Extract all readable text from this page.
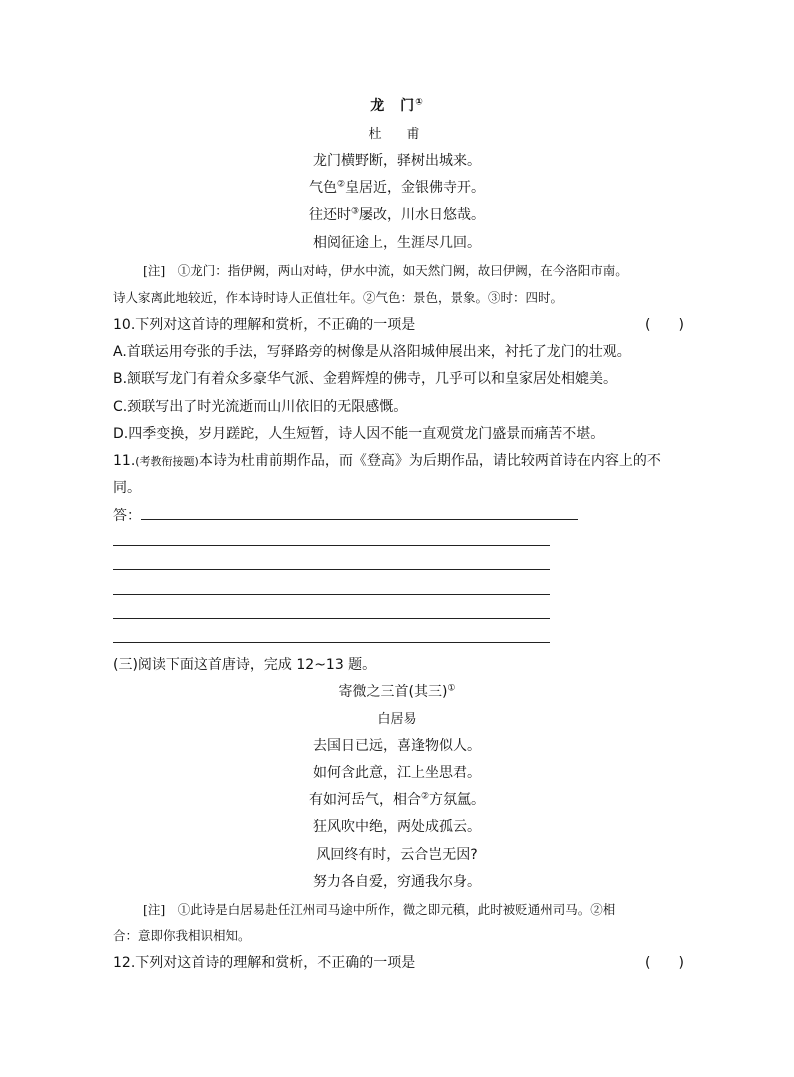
龙　门①
杜　甫
龙门横野断，驿树出城来。
气色②皇居近，金银佛寺开。
往还时③屡改，川水日悠哉。
相阅征途上，生涯尽几回。
[注]　①龙门：指伊阙，两山对峙，伊水中流，如天然门阙，故曰伊阙，在今洛阳市南。
诗人家离此地较近，作本诗时诗人正值壮年。②气色：景色，景象。③时：四时。
10.下列对这首诗的理解和赏析，不正确的一项是	(　　)
A.首联运用夸张的手法，写驿路旁的树像是从洛阳城伸展出来，衬托了龙门的壮观。
B.颔联写龙门有着众多豪华气派、金碧辉煌的佛寺，几乎可以和皇家居处相媲美。
C.颈联写出了时光流逝而山川依旧的无限感慨。
D.四季变换，岁月蹉跎，人生短暂，诗人因不能一直观赏龙门盛景而痛苦不堪。
11.(考教衔接题)本诗为杜甫前期作品，而《登高》为后期作品，请比较两首诗在内容上的不
同。
答：
(三)阅读下面这首唐诗，完成 12~13 题。
寄微之三首(其三)①
白居易
去国日已远，喜逢物似人。
如何含此意，江上坐思君。
有如河岳气，相合②方氛氲。
狂风吹中绝，两处成孤云。
风回终有时，云合岂无因?
努力各自爱，穷通我尔身。
[注]　①此诗是白居易赴任江州司马途中所作，微之即元稹，此时被贬通州司马。②相
合：意即你我相识相知。
12.下列对这首诗的理解和赏析，不正确的一项是	(　　)
